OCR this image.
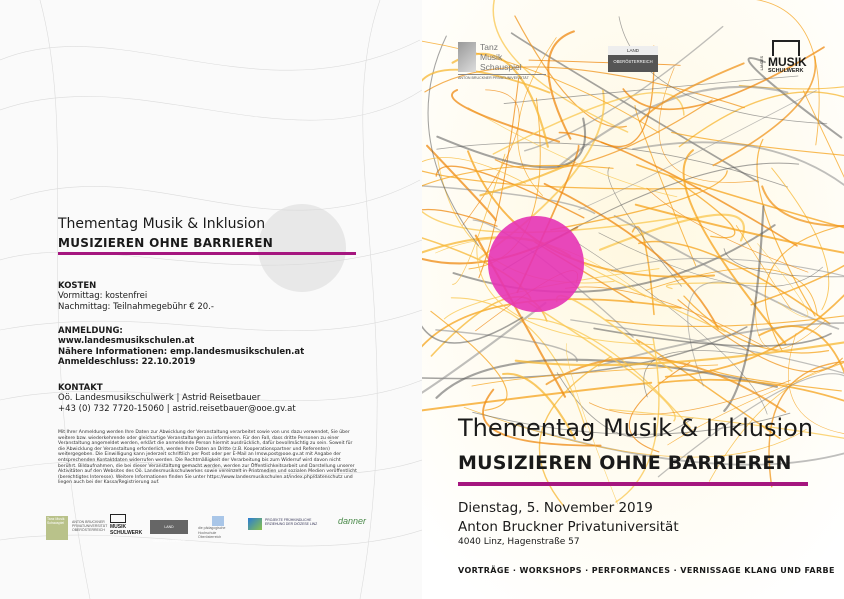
Thementag Musik & Inklusion
MUSIZIEREN OHNE BARRIEREN
KOSTEN
Vormittag: kostenfrei
Nachmittag: Teilnahmegebühr € 20.-
ANMELDUNG:
www.landesmusikschulen.at
Nähere Informationen: emp.landesmusikschulen.at
Anmeldeschluss: 22.10.2019
KONTAKT
Oö. Landesmusikschulwerk | Astrid Reisetbauer
+43 (0) 732 7720-15060 | astrid.reisetbauer@ooe.gv.at
Mit Ihrer Anmeldung werden Ihre Daten zur Abwicklung der Veranstaltung verarbeitet sowie von uns dazu verwendet, Sie über weitere bzw. wiederkehrende oder gleichartige Veranstaltungen zu informieren. Für den Fall, dass dritte Personen zu einer Veranstaltung angemeldet werden, erklärt die anmeldende Person hiermit ausdrücklich, dafür bevollmächtig zu sein. Soweit für die Abwicklung der Veranstaltung erforderlich, werden Ihre Daten an Dritte (z.B. Kooperationspartner und Referenten) weitergegeben. Die Einwilligung kann jederzeit schriftlich per Post oder per E-Mail an lmsw.post@ooe.gv.at mit Angabe der entsprechenden Kontaktdaten widerrufen werden. Die Rechtmäßigkeit der Verarbeitung bis zum Widerruf wird davon nicht berührt. Bildaufnahmen, die bei dieser Veranstaltung gemacht werden, werden zur Öffentlichkeitsarbeit und Darstellung unserer Aktivitäten auf den Websites des Oö. Landesmusikschulwerkes sowie vereinzelt in Printmedien und sozialen Medien veröffentlicht (berechtigtes Interesse). Weitere Informationen finden Sie unter https://www.landesmusikschulen.at/index.php/datenschutz und liegen auch bei der Kassa/Registrierung auf.
Tanz Musik Schauspiel	ANTON BRUCKNER PRIVATUNIVERSITÄT OBERÖSTERREICH MUSIK SCHULWERK
LAND OBERÖSTERREICH
die pädagogische Hochschule Oberösterreich
PROJEKTE FRÜHKINDLICHE ERZIEHUNG DER DIÖZESE LINZ	danner
Tanz
Musik
Schauspiel
ANTON BRUCKNER PRIVATUNIVERSITÄT
LAND
OBERÖSTERREICH	LANDES MUSIK
SCHULWERK
Thementag Musik & Inklusion
MUSIZIEREN OHNE BARRIEREN
Dienstag, 5. November 2019
Anton Bruckner Privatuniversität
4040 Linz, Hagenstraße 57
VORTRÄGE · WORKSHOPS · PERFORMANCES · VERNISSAGE KLANG UND FARBE
